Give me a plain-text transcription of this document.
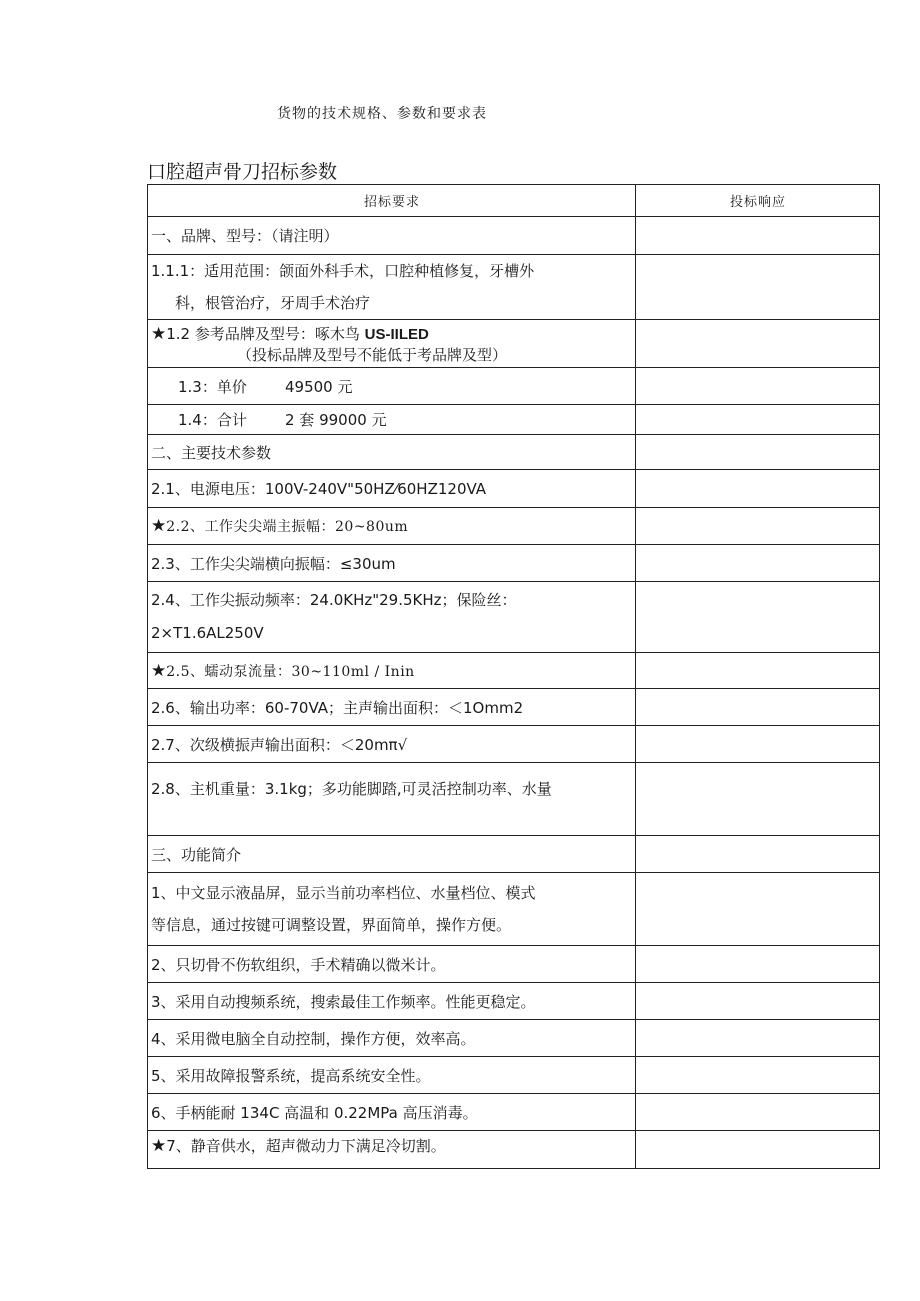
货物的技术规格、参数和要求表
口腔超声骨刀招标参数
招标要求	投标响应
一、品牌、型号：（请注明）	

1.1.1：适用范围：颌面外科手术，口腔种植修复，牙槽外
科，根管治疗，牙周手术治疗	

★1.2 参考品牌及型号：啄木鸟 US-IILED
（投标品牌及型号不能低于考品牌及型）	

1.3：单价 49500 元	
1.4：合计 2 套 99000 元	
二、主要技术参数	
2.1、电源电压：100V-240V"50HZ⁄60HZ120VA	
★2.2、工作尖尖端主振幅：20~80um	
2.3、工作尖尖端横向振幅：≤30um	

2.4、工作尖振动频率：24.0KHz"29.5KHz；保险丝：
2×T1.6AL250V	

★2.5、蠕动泵流量：30~110ml / Inin	
2.6、输出功率：60-70VA；主声输出面积：＜1Omm2	
2.7、次级横振声输出面积：＜20mπ√	
2.8、主机重量：3.1kg；多功能脚踏,可灵活控制功率、水量	
三、功能简介	

1、中文显示液晶屏，显示当前功率档位、水量档位、模式
等信息，通过按键可调整设置，界面简单，操作方便。	

2、只切骨不伤软组织，手术精确以微米计。	
3、采用自动搜频系统，搜索最佳工作频率。性能更稳定。	
4、采用微电脑全自动控制，操作方便，效率高。	
5、采用故障报警系统，提高系统安全性。	
6、手柄能耐 134C 高温和 0.22MPa 高压消毒。	
★7、静音供水，超声微动力下满足冷切割。	
